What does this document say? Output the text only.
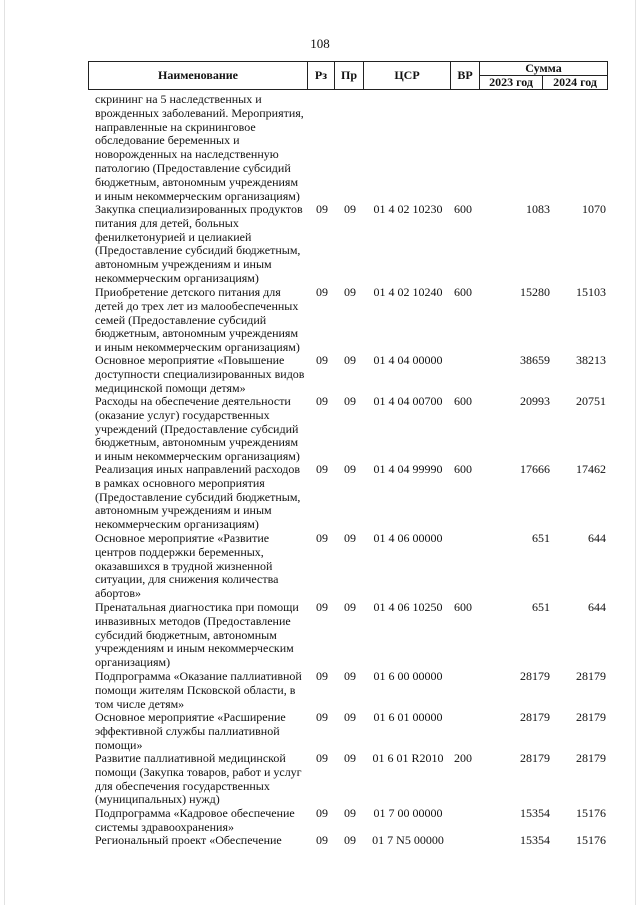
108
Наименование	Рз	Пр	ЦСР	ВР	Сумма
2023 год	2024 год
скрининг на 5 наследственных и
врожденных заболеваний. Мероприятия,
направленные на скрининговое
обследование беременных и
новорожденных на наследственную
патологию (Предоставление субсидий
бюджетным, автономным учреждениям
и иным некоммерческим организациям)
Закупка специализированных продуктов
питания для детей, больных
фенилкетонурией и целиакией
(Предоставление субсидий бюджетным,
автономным учреждениям и иным
некоммерческим организациям)
09	09	01 4 02 10230 600	1083	1070
Приобретение детского питания для
детей до трех лет из малообеспеченных
семей (Предоставление субсидий
бюджетным, автономным учреждениям
и иным некоммерческим организациям)
09	09	01 4 02 10240 600	15280	15103
Основное мероприятие «Повышение
доступности специализированных видов
медицинской помощи детям»
09	09	01 4 04 00000	38659	38213
Расходы на обеспечение деятельности
(оказание услуг) государственных
учреждений (Предоставление субсидий
бюджетным, автономным учреждениям
и иным некоммерческим организациям)
09	09	01 4 04 00700 600	20993	20751
Реализация иных направлений расходов
в рамках основного мероприятия
(Предоставление субсидий бюджетным,
автономным учреждениям и иным
некоммерческим организациям)
09	09	01 4 04 99990 600	17666	17462
Основное мероприятие «Развитие
центров поддержки беременных,
оказавшихся в трудной жизненной
ситуации, для снижения количества
абортов»
09	09	01 4 06 00000	651	644
Пренатальная диагностика при помощи
инвазивных методов (Предоставление
субсидий бюджетным, автономным
учреждениям и иным некоммерческим
организациям)
09	09	01 4 06 10250 600	651	644
Подпрограмма «Оказание паллиативной
помощи жителям Псковской области, в
том числе детям»
09	09	01 6 00 00000	28179	28179
Основное мероприятие «Расширение
эффективной службы паллиативной
помощи»
09	09	01 6 01 00000	28179	28179
Развитие паллиативной медицинской
помощи (Закупка товаров, работ и услуг
для обеспечения государственных
(муниципальных) нужд)
09	09	01 6 01 R2010 200	28179	28179
Подпрограмма «Кадровое обеспечение
системы здравоохранения»
09	09	01 7 00 00000	15354	15176
Региональный проект «Обеспечение	09	09	01 7 N5 00000	15354	15176
